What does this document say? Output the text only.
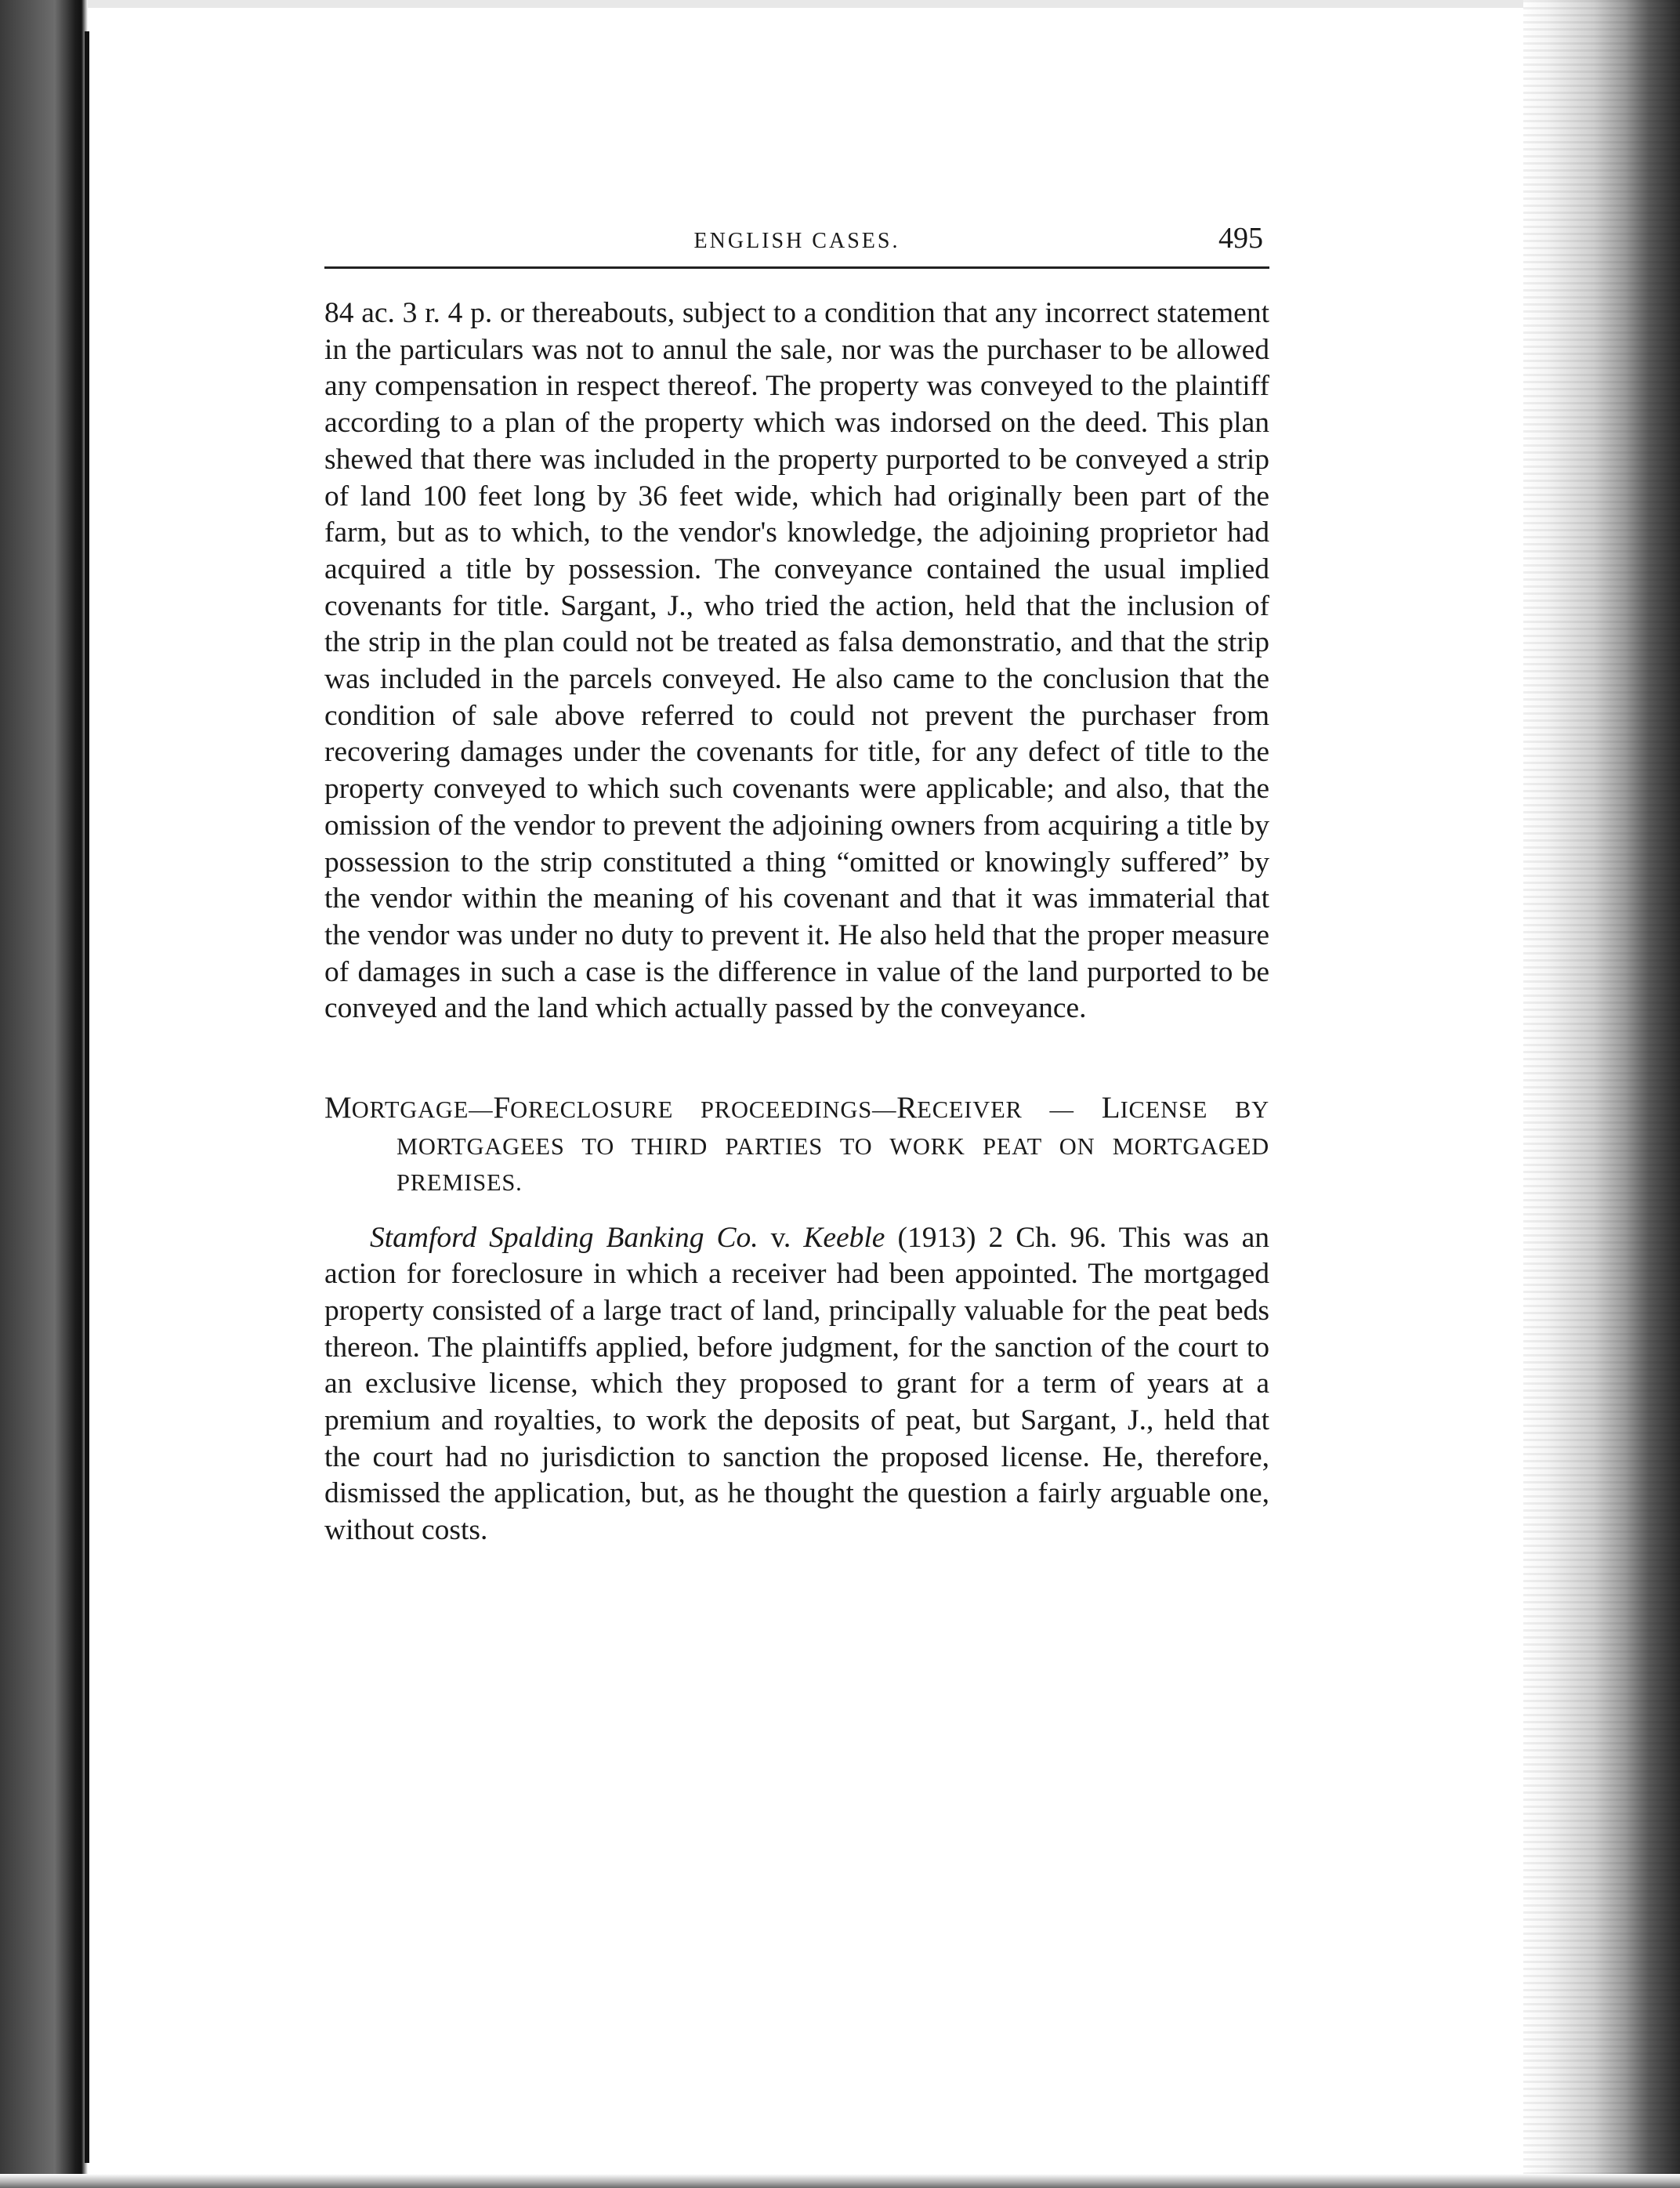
ENGLISH CASES.	495

84 ac. 3 r. 4 p. or thereabouts, subject to a condition that any incorrect statement in the particulars was not to annul the sale, nor was the purchaser to be allowed any compensation in respect thereof. The property was conveyed to the plaintiff according to a plan of the property which was indorsed on the deed. This plan shewed that there was included in the property purported to be conveyed a strip of land 100 feet long by 36 feet wide, which had originally been part of the farm, but as to which, to the vendor's knowledge, the adjoining proprietor had acquired a title by possession. The conveyance contained the usual implied covenants for title. Sargant, J., who tried the action, held that the inclusion of the strip in the plan could not be treated as falsa demonstratio, and that the strip was included in the parcels conveyed. He also came to the conclusion that the condition of sale above referred to could not prevent the purchaser from recovering damages under the covenants for title, for any defect of title to the property conveyed to which such covenants were applicable; and also, that the omission of the vendor to prevent the adjoining owners from acquiring a title by possession to the strip constituted a thing “omitted or knowingly suffered” by the vendor within the meaning of his covenant and that it was immaterial that the vendor was under no duty to prevent it. He also held that the proper measure of damages in such a case is the difference in value of the land purported to be conveyed and the land which actually passed by the conveyance.

MORTGAGE—FORECLOSURE PROCEEDINGS—RECEIVER — LICENSE BY MORTGAGEES TO THIRD PARTIES TO WORK PEAT ON MORTGAGED PREMISES.

Stamford Spalding Banking Co. v. Keeble (1913) 2 Ch. 96. This was an action for foreclosure in which a receiver had been appointed. The mortgaged property consisted of a large tract of land, principally valuable for the peat beds thereon. The plaintiffs applied, before judgment, for the sanction of the court to an exclusive license, which they proposed to grant for a term of years at a premium and royalties, to work the deposits of peat, but Sargant, J., held that the court had no jurisdiction to sanction the proposed license. He, therefore, dismissed the application, but, as he thought the question a fairly arguable one, without costs.
